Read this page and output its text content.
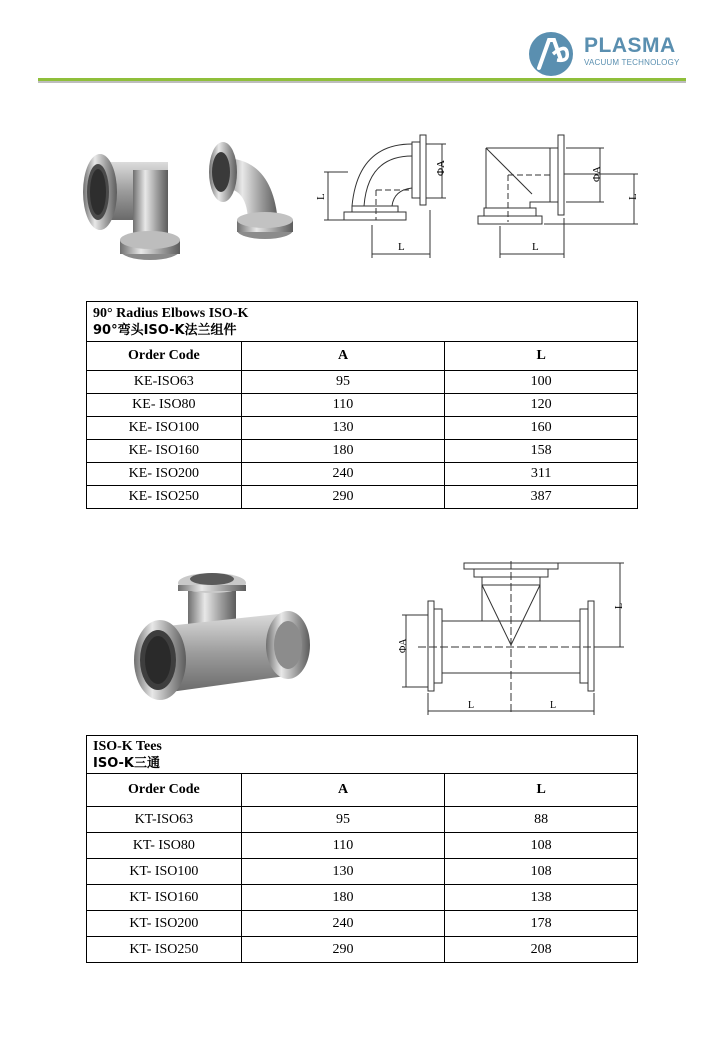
PLASMA
VACUUM TECHNOLOGY
L
L
ΦA
L
ΦA
L
90° Radius Elbows ISO-K
90°弯头ISO-K法兰组件		

Order Code	A	L
KE-ISO63	95	100
KE- ISO80	110	120
KE- ISO100	130	160
KE- ISO160	180	158
KE- ISO200	240	311
KE- ISO250	290	387
ΦA
L	L
L
ISO-K Tees
ISO-K三通		

Order Code	A	L
KT-ISO63	95	88
KT- ISO80	110	108
KT- ISO100	130	108
KT- ISO160	180	138
KT- ISO200	240	178
KT- ISO250	290	208
